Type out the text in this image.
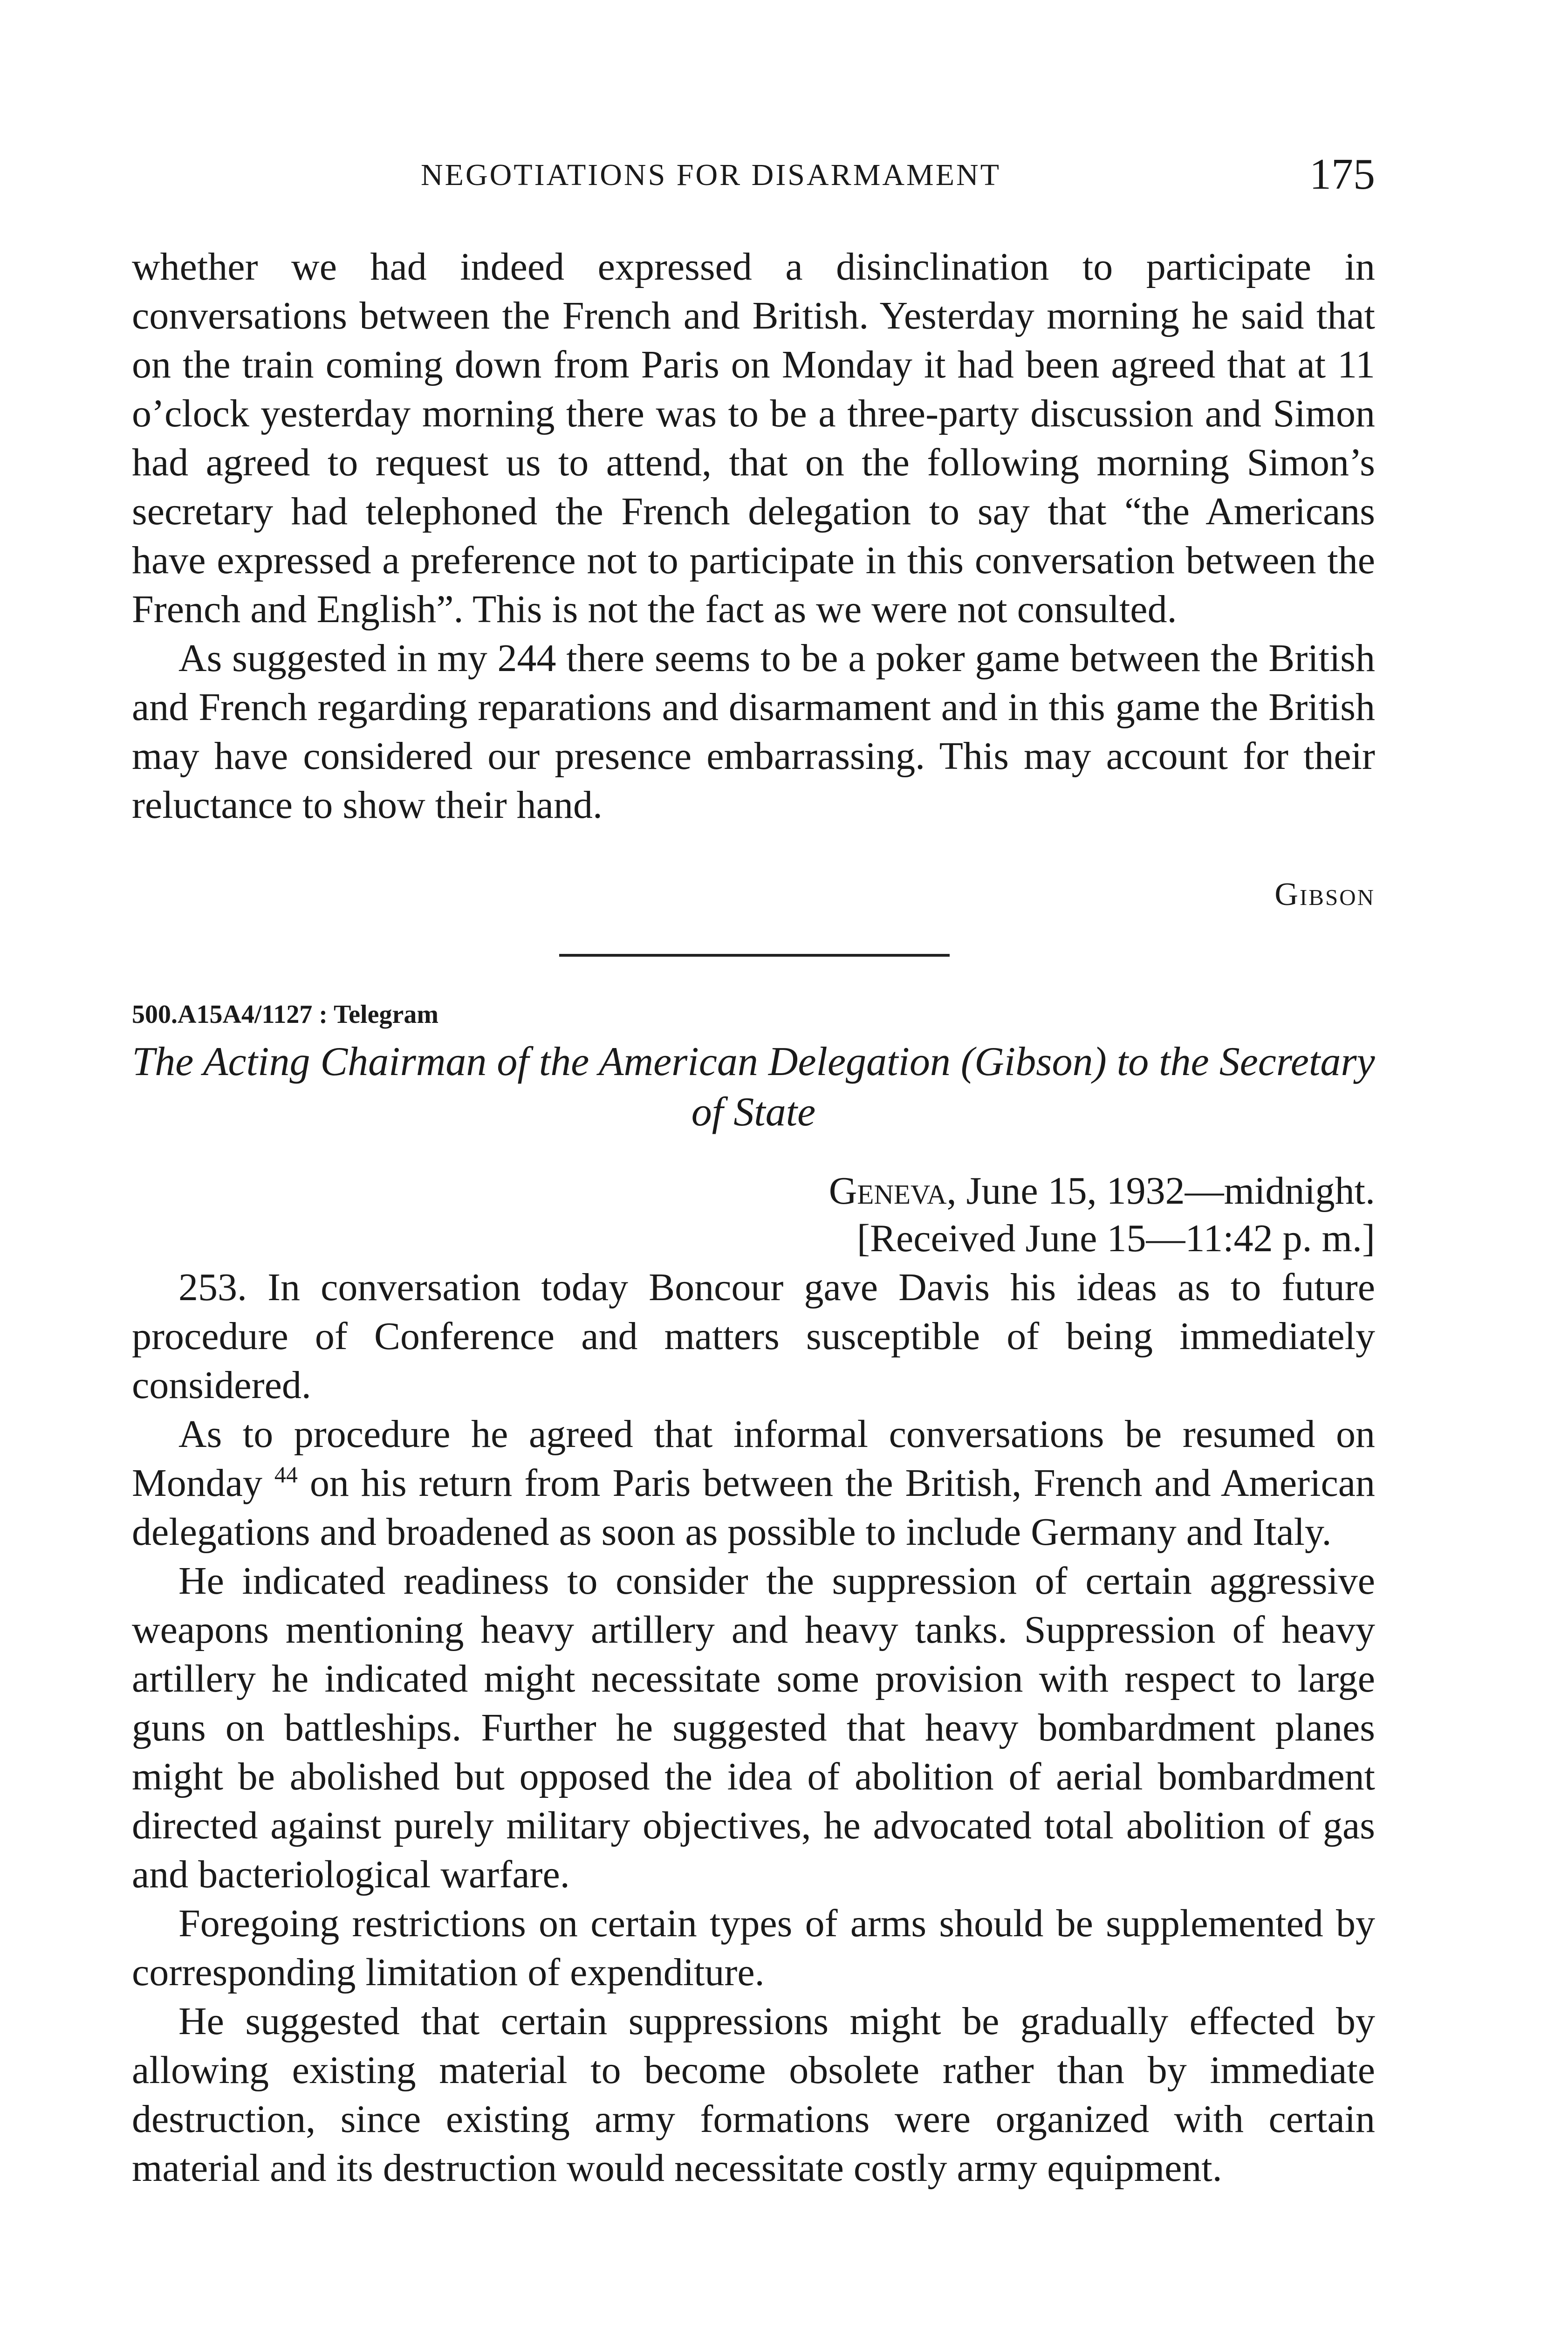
NEGOTIATIONS FOR DISARMAMENT	175

whether we had indeed expressed a disinclination to participate in conversations between the French and British. Yesterday morning he said that on the train coming down from Paris on Monday it had been agreed that at 11 o’clock yesterday morning there was to be a three-party discussion and Simon had agreed to request us to attend, that on the following morning Simon’s secretary had telephoned the French delegation to say that “the Americans have expressed a preference not to participate in this conversation between the French and English”. This is not the fact as we were not consulted.

As suggested in my 244 there seems to be a poker game between the British and French regarding reparations and disarmament and in this game the British may have considered our presence embarrassing. This may account for their reluctance to show their hand.

Gibson
500.A15A4/1127 : Telegram
The Acting Chairman of the American Delegation (Gibson) to the Secretary of State
Geneva, June 15, 1932—midnight.
[Received June 15—11:42 p. m.]

253. In conversation today Boncour gave Davis his ideas as to future procedure of Conference and matters susceptible of being immediately considered.

As to procedure he agreed that informal conversations be resumed on Monday $^{44}$ on his return from Paris between the British, French and American delegations and broadened as soon as possible to include Germany and Italy.

He indicated readiness to consider the suppression of certain aggressive weapons mentioning heavy artillery and heavy tanks. Suppression of heavy artillery he indicated might necessitate some provision with respect to large guns on battleships. Further he suggested that heavy bombardment planes might be abolished but opposed the idea of abolition of aerial bombardment directed against purely military objectives, he advocated total abolition of gas and bacteriological warfare.

Foregoing restrictions on certain types of arms should be supplemented by corresponding limitation of expenditure.

He suggested that certain suppressions might be gradually effected by allowing existing material to become obsolete rather than by immediate destruction, since existing army formations were organized with certain material and its destruction would necessitate costly army equipment.
